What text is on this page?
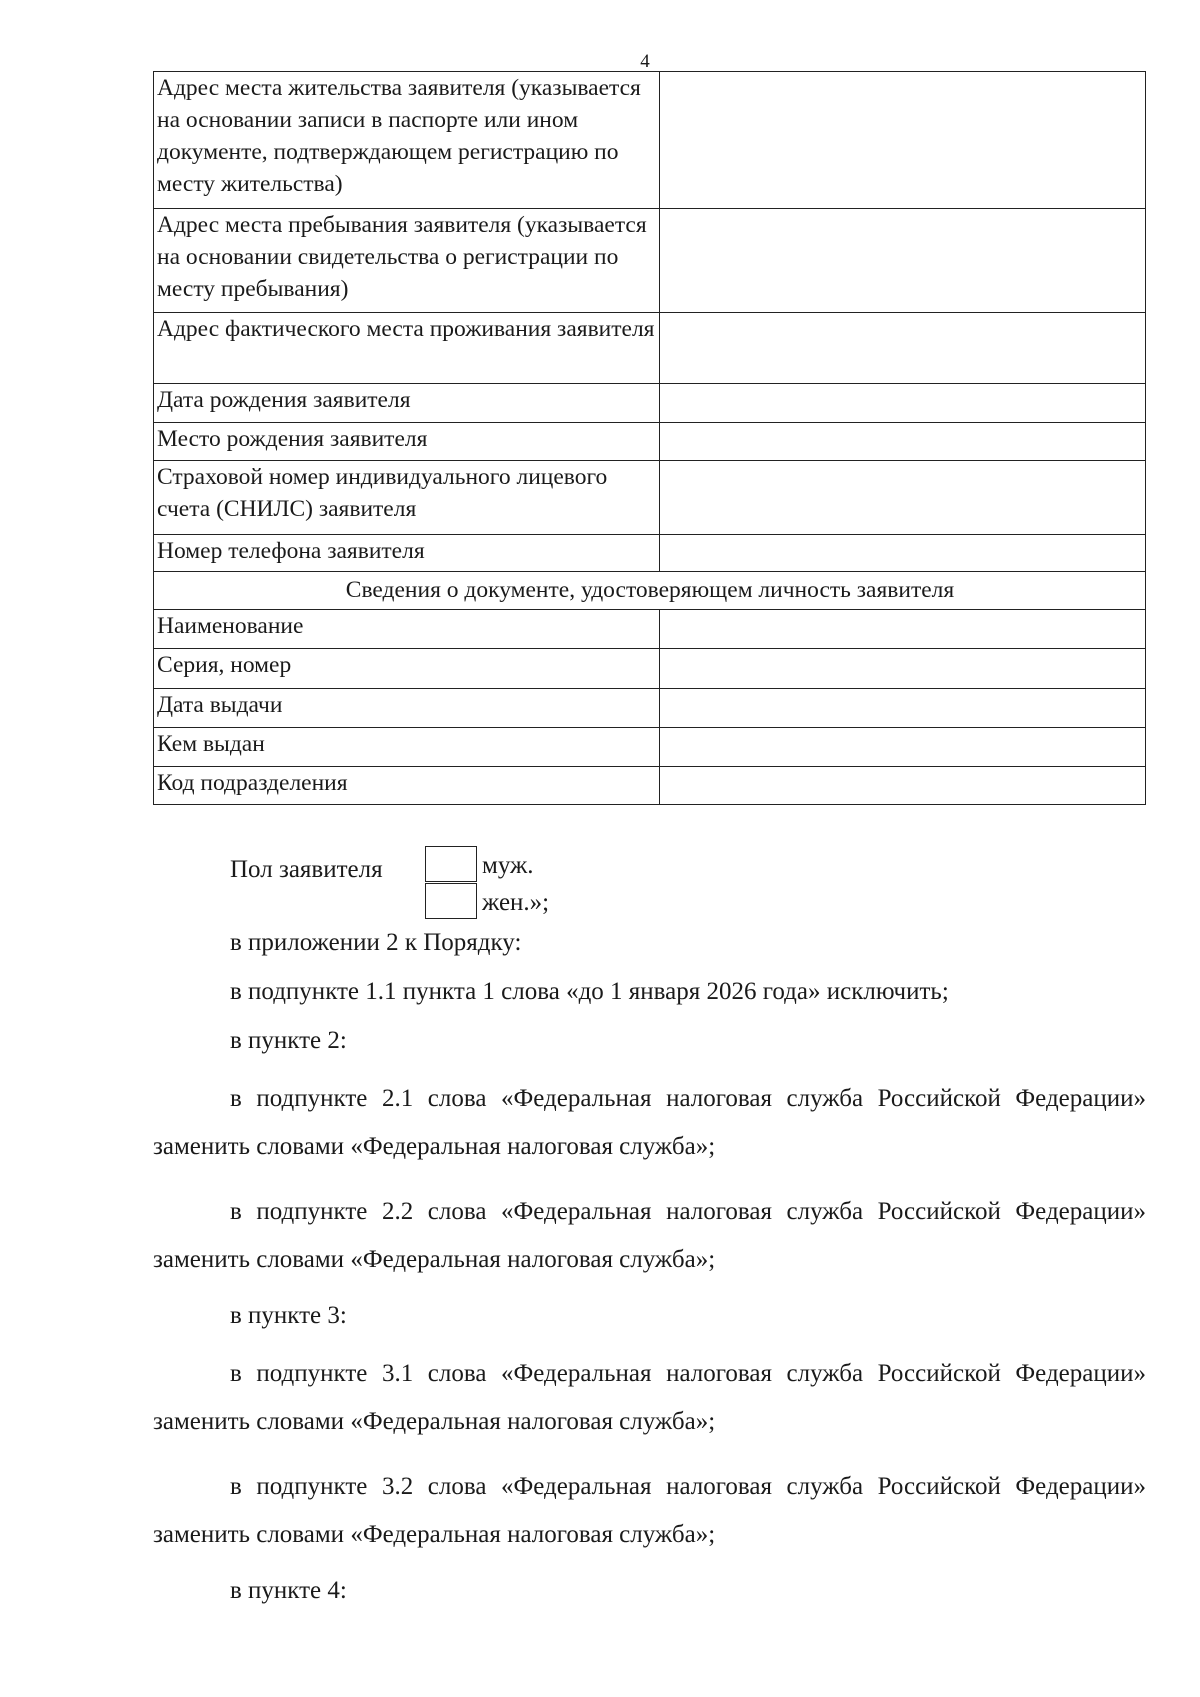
4
Адрес места жительства заявителя (указывается на основании записи в паспорте или ином документе, подтверждающем регистрацию по месту жительства)	
Адрес места пребывания заявителя (указывается на основании свидетельства о регистрации по месту пребывания)	
Адрес фактического места проживания заявителя	
Дата рождения заявителя	
Место рождения заявителя	
Страховой номер индивидуального лицевого счета (СНИЛС) заявителя	
Номер телефона заявителя	
Сведения о документе, удостоверяющем личность заявителя	
Наименование	
Серия, номер	
Дата выдачи	
Кем выдан	
Код подразделения	
Пол заявителя	муж.
жен.»;

в приложении 2 к Порядку:

в подпункте 1.1 пункта 1 слова «до 1 января 2026 года» исключить;

в пункте 2:

в подпункте 2.1 слова «Федеральная налоговая служба Российской Федерации» заменить словами «Федеральная налоговая служба»;

в подпункте 2.2 слова «Федеральная налоговая служба Российской Федерации» заменить словами «Федеральная налоговая служба»;

в пункте 3:

в подпункте 3.1 слова «Федеральная налоговая служба Российской Федерации» заменить словами «Федеральная налоговая служба»;

в подпункте 3.2 слова «Федеральная налоговая служба Российской Федерации» заменить словами «Федеральная налоговая служба»;

в пункте 4:
